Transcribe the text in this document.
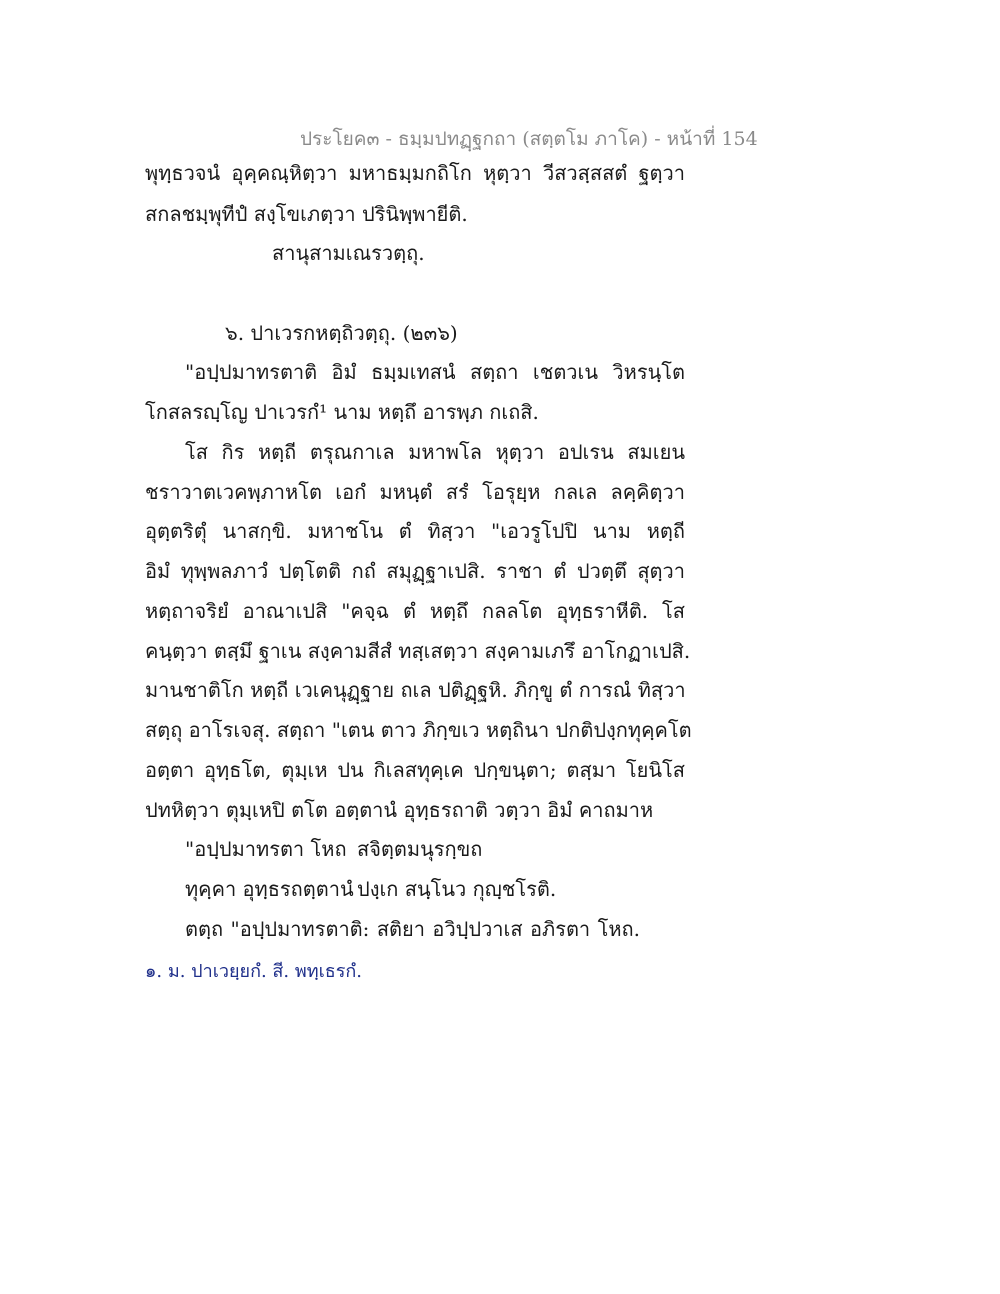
ประโยค๓ - ธมฺมปทฏฺฐกถา (สตฺตโม ภาโค) - หน้าที่ 154
พุทฺธวจนํ อุคฺคณฺหิตฺวา มหาธมฺมกถิโก หุตฺวา วีสวสฺสสตํ ฐตฺวา
สกลชมฺพุทีปํ สงฺโขเภตฺวา ปรินิพฺพายีติ.
สานุสามเณรวตฺถุ.
๖. ปาเวรกหตฺถิวตฺถุ. (๒๓๖)
"อปฺปมาทรตาติ อิมํ ธมฺมเทสนํ สตฺถา เชตวเน วิหรนฺโต
โกสลรญฺโญ ปาเวรกํ¹ นาม หตฺถึ อารพฺภ กเถสิ.
โส กิร หตฺถี ตรุณกาเล มหาพโล หุตฺวา อปเรน สมเยน
ชราวาตเวคพฺภาหโต เอกํ มหนฺตํ สรํ โอรุยฺห กลเล ลคฺคิตฺวา
อุตฺตริตุํ นาสกฺขิ. มหาชโน ตํ ทิสฺวา "เอวรูโปปิ นาม หตฺถี
อิมํ ทุพฺพลภาวํ ปตฺโตติ กถํ สมุฏฺฐาเปสิ. ราชา ตํ ปวตฺตึ สุตฺวา
หตฺถาจริยํ อาณาเปสิ "คจฺฉ ตํ หตฺถึ กลลโต อุทฺธราหีติ. โส
คนฺตฺวา ตสฺมึ ฐาเน สงฺคามสีสํ ทสฺเสตฺวา สงฺคามเภรึ อาโกฏาเปสิ.
มานชาติโก หตฺถี เวเคนุฏฺฐาย ถเล ปติฏฺฐหิ. ภิกฺขู ตํ การณํ ทิสฺวา
สตฺถุ อาโรเจสุ. สตฺถา "เตน ตาว ภิกฺขเว หตฺถินา ปกติปงฺกทุคฺคโต
อตฺตา อุทฺธโต, ตุมฺเห ปน กิเลสทุคฺเค ปกฺขนฺตา; ตสฺมา โยนิโส
ปทหิตฺวา ตุมฺเหปิ ตโต อตฺตานํ อุทฺธรถาติ วตฺวา อิมํ คาถมาห
"อปฺปมาทรตา โหถ สจิตฺตมนุรกฺขถ
ทุคฺคา อุทฺธรถตฺตานํ ปงฺเก สนฺโนว กุญฺชโรติ.
ตตฺถ "อปฺปมาทรตาติ: สติยา อวิปฺปวาเส อภิรตา โหถ.
๑. ม. ปาเวยฺยกํ. สี. พทฺเธรกํ.
